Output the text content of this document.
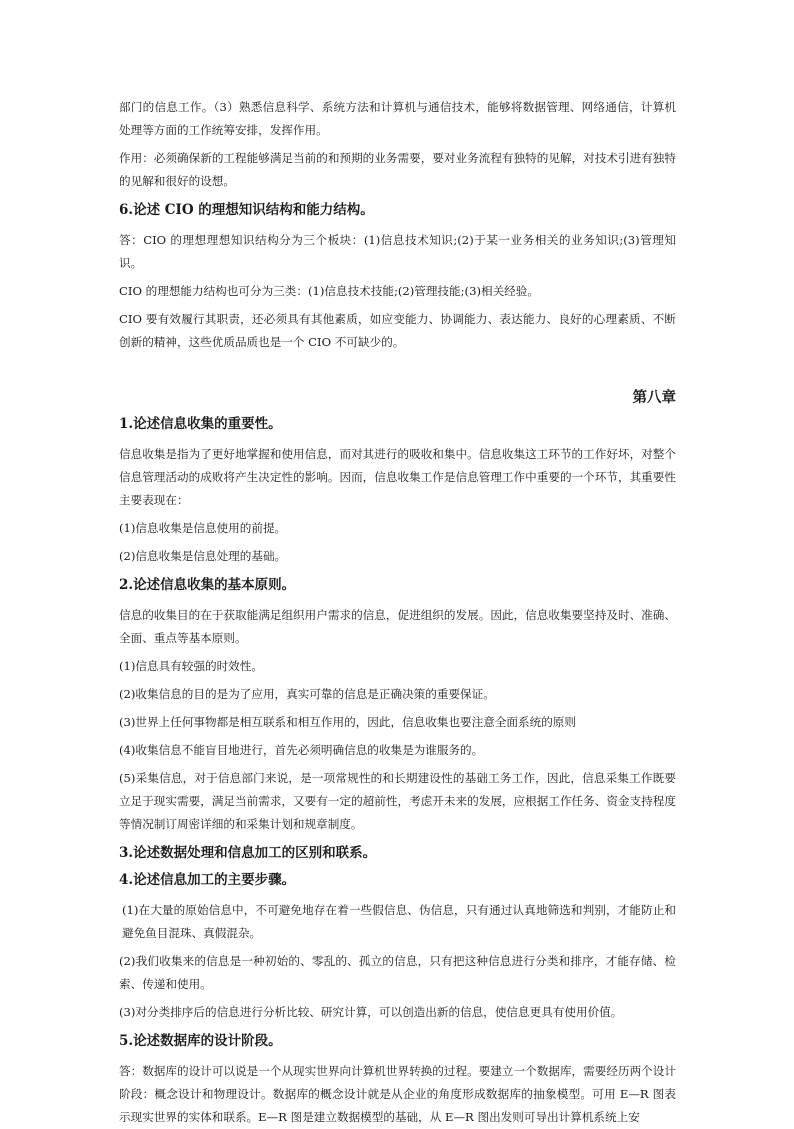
部门的信息工作。（3）熟悉信息科学、系统方法和计算机与通信技术，能够将数据管理、网络通信，计算机处理等方面的工作统筹安排，发挥作用。

作用：必须确保新的工程能够满足当前的和预期的业务需要，要对业务流程有独特的见解，对技术引进有独特的见解和很好的设想。

6.论述 CIO 的理想知识结构和能力结构。

答：CIO 的理想理想知识结构分为三个板块：(1)信息技术知识;(2)于某一业务相关的业务知识;(3)管理知识。

CIO 的理想能力结构也可分为三类：(1)信息技术技能;(2)管理技能;(3)相关经验。

CIO 要有效履行其职责，还必须具有其他素质，如应变能力、协调能力、表达能力、良好的心理素质、不断创新的精神，这些优质品质也是一个 CIO 不可缺少的。

第八章
1.论述信息收集的重要性。

信息收集是指为了更好地掌握和使用信息，而对其进行的吸收和集中。信息收集这工环节的工作好坏，对整个信息管理活动的成败将产生决定性的影响。因而，信息收集工作是信息管理工作中重要的一个环节，其重要性主要表现在：

(1)信息收集是信息使用的前提。

(2)信息收集是信息处理的基础。

2.论述信息收集的基本原则。

信息的收集目的在于获取能满足组织用户需求的信息，促进组织的发展。因此，信息收集要坚持及时、准确、全面、重点等基本原则。

(1)信息具有较强的时效性。

(2)收集信息的目的是为了应用，真实可靠的信息是正确决策的重要保证。

(3)世界上任何事物都是相互联系和相互作用的，因此，信息收集也要注意全面系统的原则

(4)收集信息不能盲目地进行，首先必须明确信息的收集是为谁服务的。

(5)采集信息，对于信息部门来说，是一项常规性的和长期建设性的基础工务工作，因此，信息采集工作既要立足于现实需要，满足当前需求，又要有一定的超前性，考虑开未来的发展，应根据工作任务、资金支持程度等情况制订周密详细的和采集计划和规章制度。

3.论述数据处理和信息加工的区别和联系。
4.论述信息加工的主要步骤。

(1)在大量的原始信息中，不可避免地存在着一些假信息、伪信息，只有通过认真地筛选和判别，才能防止和避免鱼目混珠、真假混杂。

(2)我们收集来的信息是一种初始的、零乱的、孤立的信息，只有把这种信息进行分类和排序，才能存储、检索、传递和使用。

(3)对分类排序后的信息进行分析比较、研究计算，可以创造出新的信息，使信息更具有使用价值。

5.论述数据库的设计阶段。

答：数据库的设计可以说是一个从现实世界向计算机世界转换的过程。要建立一个数据库，需要经历两个设计阶段：概念设计和物理设计。数据库的概念设计就是从企业的角度形成数据库的抽象模型。可用 E—R 图表示现实世界的实体和联系。E—R 图是建立数据模型的基础，从 E—R 图出发则可导出计算机系统上安
